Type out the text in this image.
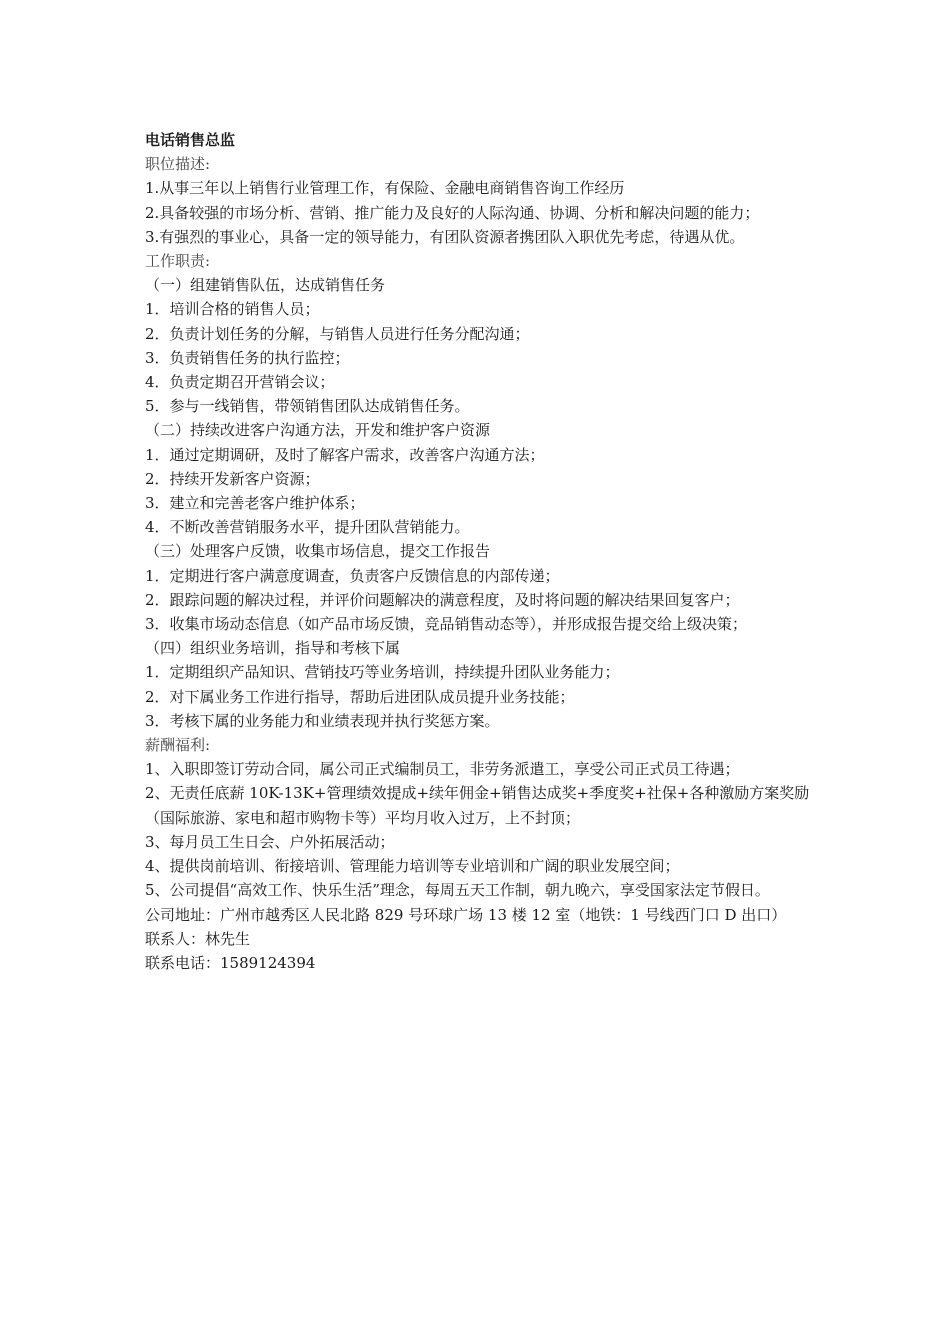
电话销售总监

职位描述:

1.从事三年以上销售行业管理工作，有保险、金融电商销售咨询工作经历

2.具备较强的市场分析、营销、推广能力及良好的人际沟通、协调、分析和解决问题的能力；

3.有强烈的事业心，具备一定的领导能力，有团队资源者携团队入职优先考虑，待遇从优。

工作职责:

（一）组建销售队伍，达成销售任务

1．培训合格的销售人员；

2．负责计划任务的分解，与销售人员进行任务分配沟通；

3．负责销售任务的执行监控；

4．负责定期召开营销会议；

5．参与一线销售，带领销售团队达成销售任务。

（二）持续改进客户沟通方法，开发和维护客户资源

1．通过定期调研，及时了解客户需求，改善客户沟通方法；

2．持续开发新客户资源；

3．建立和完善老客户维护体系；

4．不断改善营销服务水平，提升团队营销能力。

（三）处理客户反馈，收集市场信息，提交工作报告

1．定期进行客户满意度调查，负责客户反馈信息的内部传递；

2．跟踪问题的解决过程，并评价问题解决的满意程度，及时将问题的解决结果回复客户；

3．收集市场动态信息（如产品市场反馈，竞品销售动态等），并形成报告提交给上级决策；

（四）组织业务培训，指导和考核下属

1．定期组织产品知识、营销技巧等业务培训，持续提升团队业务能力；

2．对下属业务工作进行指导，帮助后进团队成员提升业务技能；

3．考核下属的业务能力和业绩表现并执行奖惩方案。

薪酬福利:

1、入职即签订劳动合同，属公司正式编制员工，非劳务派遣工，享受公司正式员工待遇；

2、无责任底薪 10K-13K+管理绩效提成+续年佣金+销售达成奖+季度奖+社保+各种激励方案奖励（国际旅游、家电和超市购物卡等）平均月收入过万，上不封顶；

3、每月员工生日会、户外拓展活动；

4、提供岗前培训、衔接培训、管理能力培训等专业培训和广阔的职业发展空间；

5、公司提倡“高效工作、快乐生活”理念，每周五天工作制，朝九晚六，享受国家法定节假日。

公司地址：广州市越秀区人民北路 829 号环球广场 13 楼 12 室（地铁：1 号线西门口 D 出口）

联系人：林先生

联系电话：1589124394
